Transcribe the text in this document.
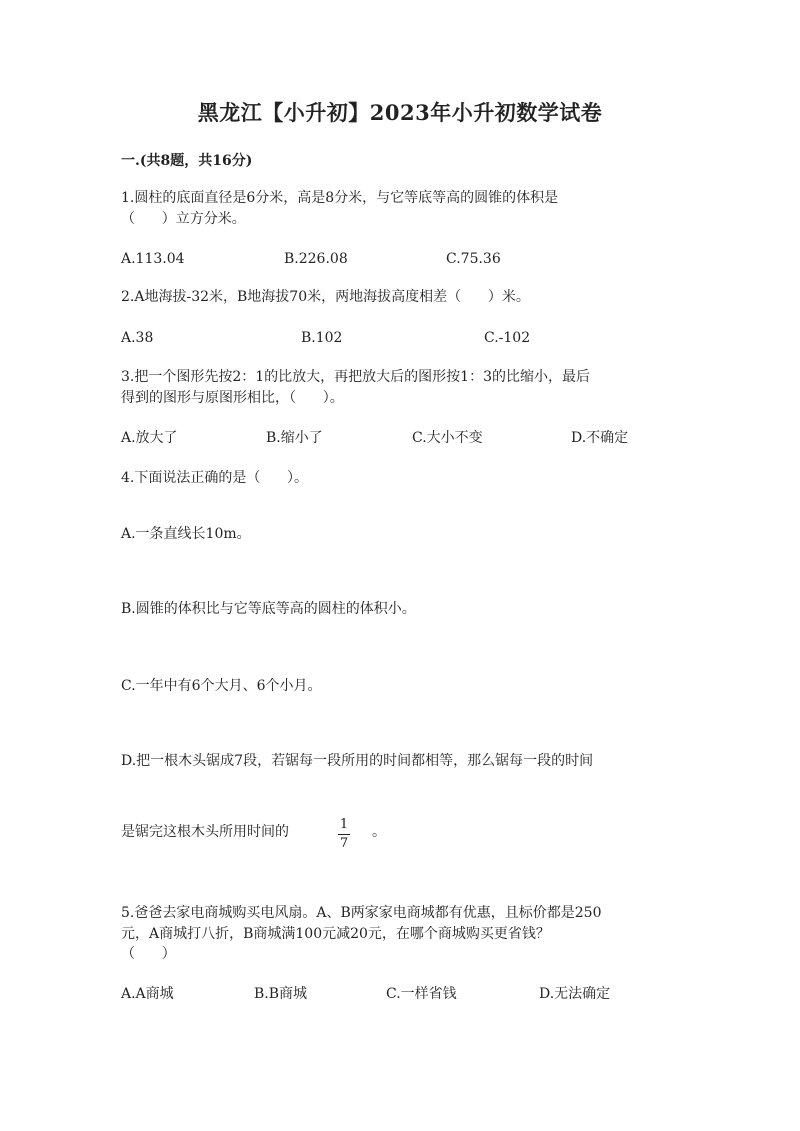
黑龙江【小升初】2023年小升初数学试卷
一.(共8题，共16分)
1.圆柱的底面直径是6分米，高是8分米，与它等底等高的圆锥的体积是
（      ）立方分米。
A.113.04	B.226.08	C.75.36
2.A地海拔-32米，B地海拔70米，两地海拔高度相差（      ）米。
A.38	B.102	C.-102
3.把一个图形先按2：1的比放大，再把放大后的图形按1：3的比缩小，最后
得到的图形与原图形相比，（      ）。
A.放大了	B.缩小了	C.大小不变	D.不确定
4.下面说法正确的是（      ）。
A.一条直线长10m。
B.圆锥的体积比与它等底等高的圆柱的体积小。
C.一年中有6个大月、6个小月。
D.把一根木头锯成7段，若锯每一段所用的时间都相等，那么锯每一段的时间
是锯完这根木头所用时间的	1
7
。
5.爸爸去家电商城购买电风扇。A、B两家家电商城都有优惠，且标价都是250
元，A商城打八折，B商城满100元减20元，在哪个商城购买更省钱？
（      ）
A.A商城	B.B商城	C.一样省钱	D.无法确定
